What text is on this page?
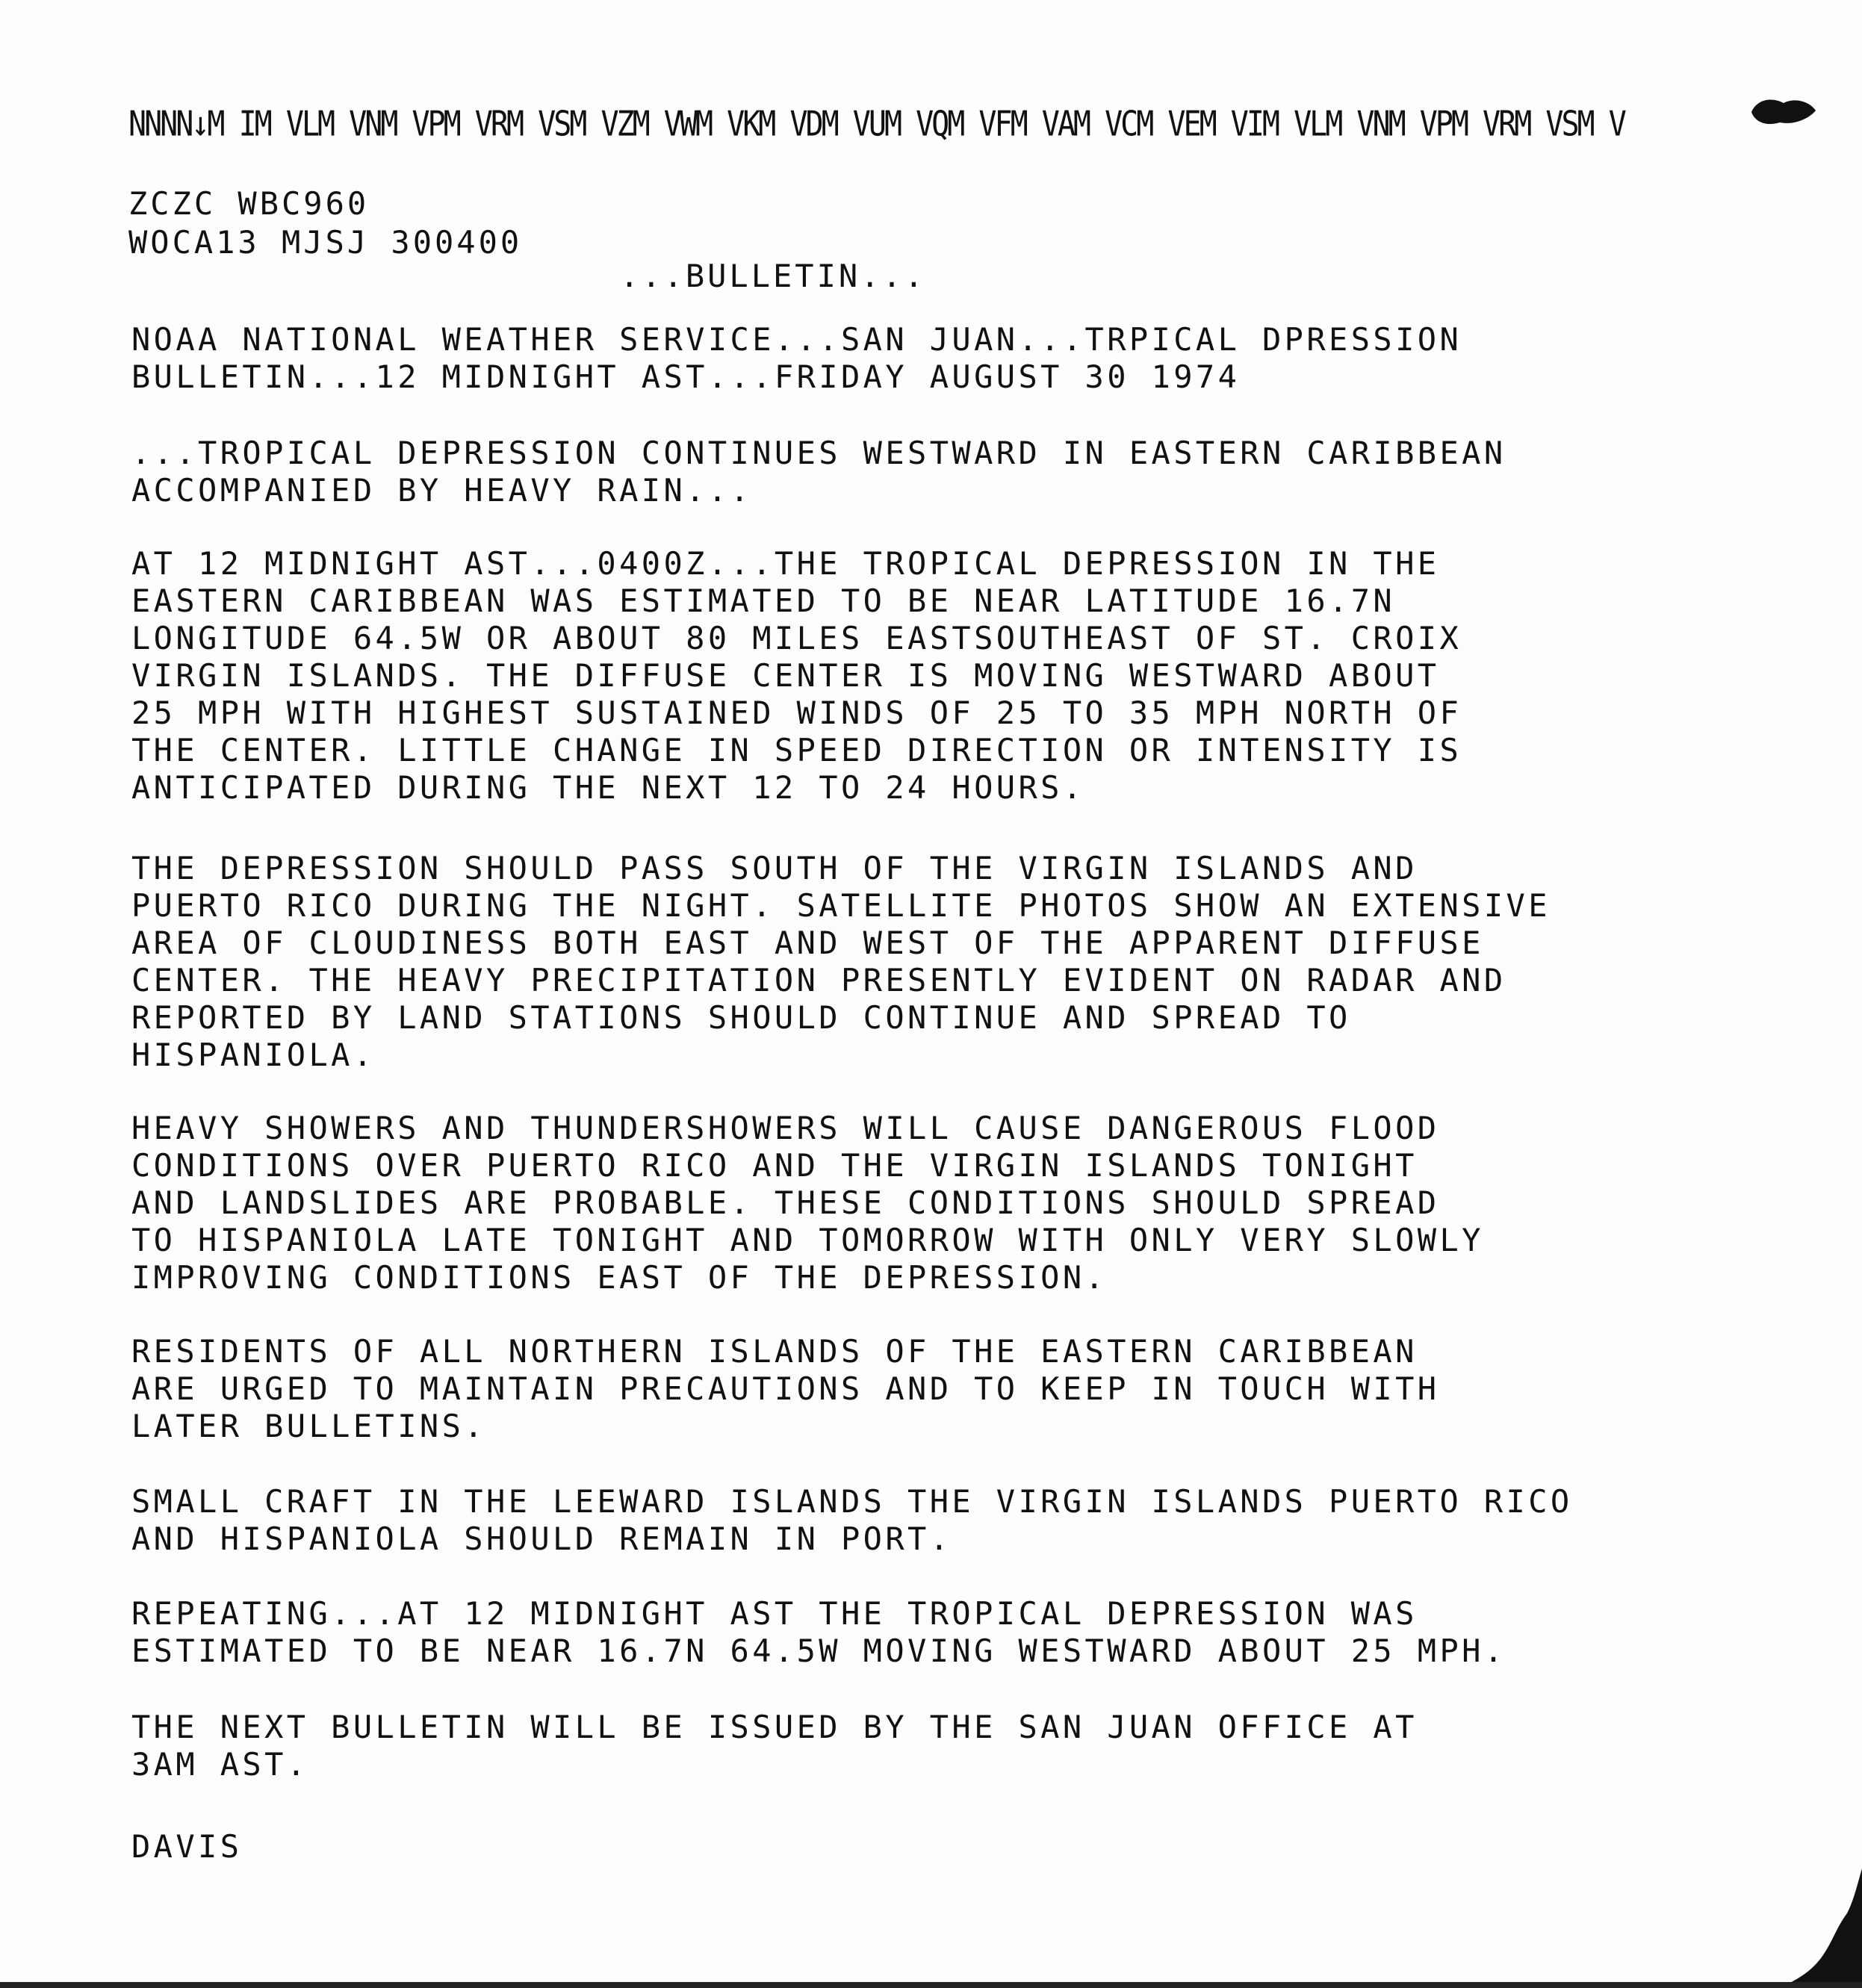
NNNN↓M IM VLM VNM VPM VRM VSM VZM VWM VKM VDM VUM VQM VFM VAM VCM VEM VIM VLM VNM VPM VRM VSM V
ZCZC WBC960
WOCA13 MJSJ 300400
...BULLETIN...
NOAA NATIONAL WEATHER SERVICE...SAN JUAN...TRPICAL DPRESSION
BULLETIN...12 MIDNIGHT AST...FRIDAY AUGUST 30 1974
...TROPICAL DEPRESSION CONTINUES WESTWARD IN EASTERN CARIBBEAN
ACCOMPANIED BY HEAVY RAIN...
AT 12 MIDNIGHT AST...0400Z...THE TROPICAL DEPRESSION IN THE
EASTERN CARIBBEAN WAS ESTIMATED TO BE NEAR LATITUDE 16.7N
LONGITUDE 64.5W OR ABOUT 80 MILES EASTSOUTHEAST OF ST. CROIX
VIRGIN ISLANDS. THE DIFFUSE CENTER IS MOVING WESTWARD ABOUT
25 MPH WITH HIGHEST SUSTAINED WINDS OF 25 TO 35 MPH NORTH OF
THE CENTER. LITTLE CHANGE IN SPEED DIRECTION OR INTENSITY IS
ANTICIPATED DURING THE NEXT 12 TO 24 HOURS.
THE DEPRESSION SHOULD PASS SOUTH OF THE VIRGIN ISLANDS AND
PUERTO RICO DURING THE NIGHT. SATELLITE PHOTOS SHOW AN EXTENSIVE
AREA OF CLOUDINESS BOTH EAST AND WEST OF THE APPARENT DIFFUSE
CENTER. THE HEAVY PRECIPITATION PRESENTLY EVIDENT ON RADAR AND
REPORTED BY LAND STATIONS SHOULD CONTINUE AND SPREAD TO
HISPANIOLA.
HEAVY SHOWERS AND THUNDERSHOWERS WILL CAUSE DANGEROUS FLOOD
CONDITIONS OVER PUERTO RICO AND THE VIRGIN ISLANDS TONIGHT
AND LANDSLIDES ARE PROBABLE. THESE CONDITIONS SHOULD SPREAD
TO HISPANIOLA LATE TONIGHT AND TOMORROW WITH ONLY VERY SLOWLY
IMPROVING CONDITIONS EAST OF THE DEPRESSION.
RESIDENTS OF ALL NORTHERN ISLANDS OF THE EASTERN CARIBBEAN
ARE URGED TO MAINTAIN PRECAUTIONS AND TO KEEP IN TOUCH WITH
LATER BULLETINS.
SMALL CRAFT IN THE LEEWARD ISLANDS THE VIRGIN ISLANDS PUERTO RICO
AND HISPANIOLA SHOULD REMAIN IN PORT.
REPEATING...AT 12 MIDNIGHT AST THE TROPICAL DEPRESSION WAS
ESTIMATED TO BE NEAR 16.7N 64.5W MOVING WESTWARD ABOUT 25 MPH.
THE NEXT BULLETIN WILL BE ISSUED BY THE SAN JUAN OFFICE AT
3AM AST.
DAVIS
